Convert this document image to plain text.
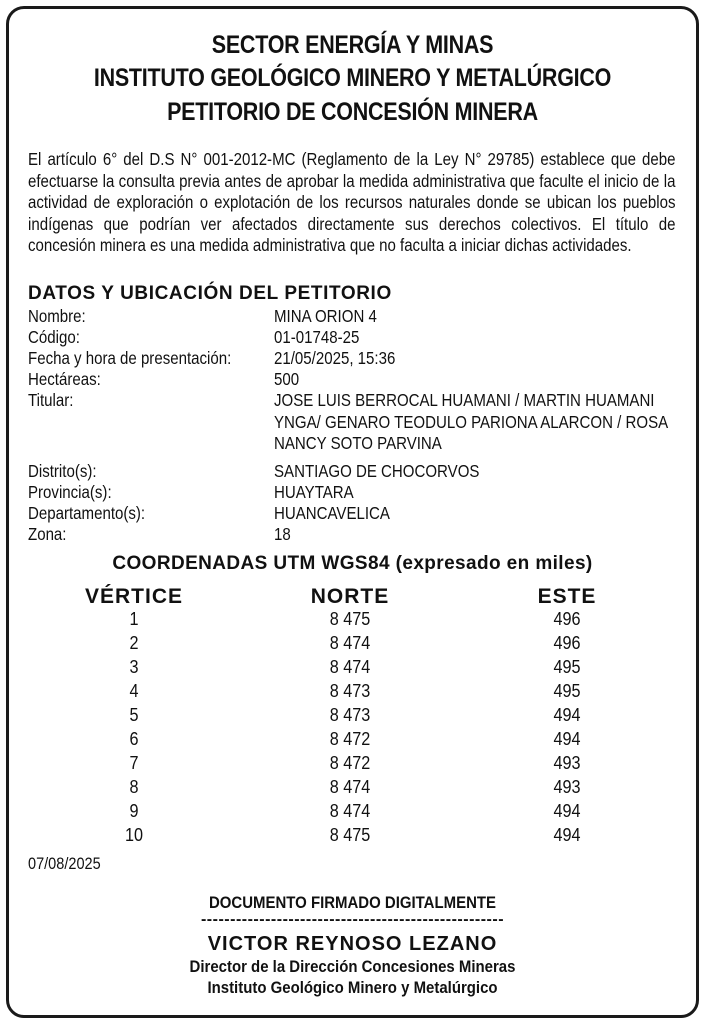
SECTOR ENERGÍA Y MINAS
INSTITUTO GEOLÓGICO MINERO Y METALÚRGICO
PETITORIO DE CONCESIÓN MINERA
El artículo 6° del D.S N° 001-2012-MC (Reglamento de la Ley N° 29785) establece que debe efectuarse la consulta previa antes de aprobar la medida administrativa que faculte el inicio de la actividad de exploración o explotación de los recursos naturales donde se ubican los pueblos indígenas que podrían ver afectados directamente sus derechos colectivos. El título de concesión minera es una medida administrativa que no faculta a iniciar dichas actividades.
DATOS Y UBICACIÓN DEL PETITORIO
Nombre:	MINA ORION 4
Código:	01-01748-25
Fecha y hora de presentación: 21/05/2025, 15:36
Hectáreas:	500
Titular:	JOSE LUIS BERROCAL HUAMANI / MARTIN HUAMANI YNGA/ GENARO TEODULO PARIONA ALARCON / ROSA NANCY SOTO PARVINA
Distrito(s):	SANTIAGO DE CHOCORVOS
Provincia(s):	HUAYTARA
Departamento(s):	HUANCAVELICA
Zona:	18
COORDENADAS UTM WGS84 (expresado en miles)
VÉRTICE	NORTE	ESTE
1	8 475	496
2	8 474	496
3	8 474	495
4	8 473	495
5	8 473	494
6	8 472	494
7	8 472	493
8	8 474	493
9	8 474	494
10	8 475	494
07/08/2025
DOCUMENTO FIRMADO DIGITALMENTE
----------------------------------------------------
VICTOR REYNOSO LEZANO
Director de la Dirección Concesiones Mineras
Instituto Geológico Minero y Metalúrgico
